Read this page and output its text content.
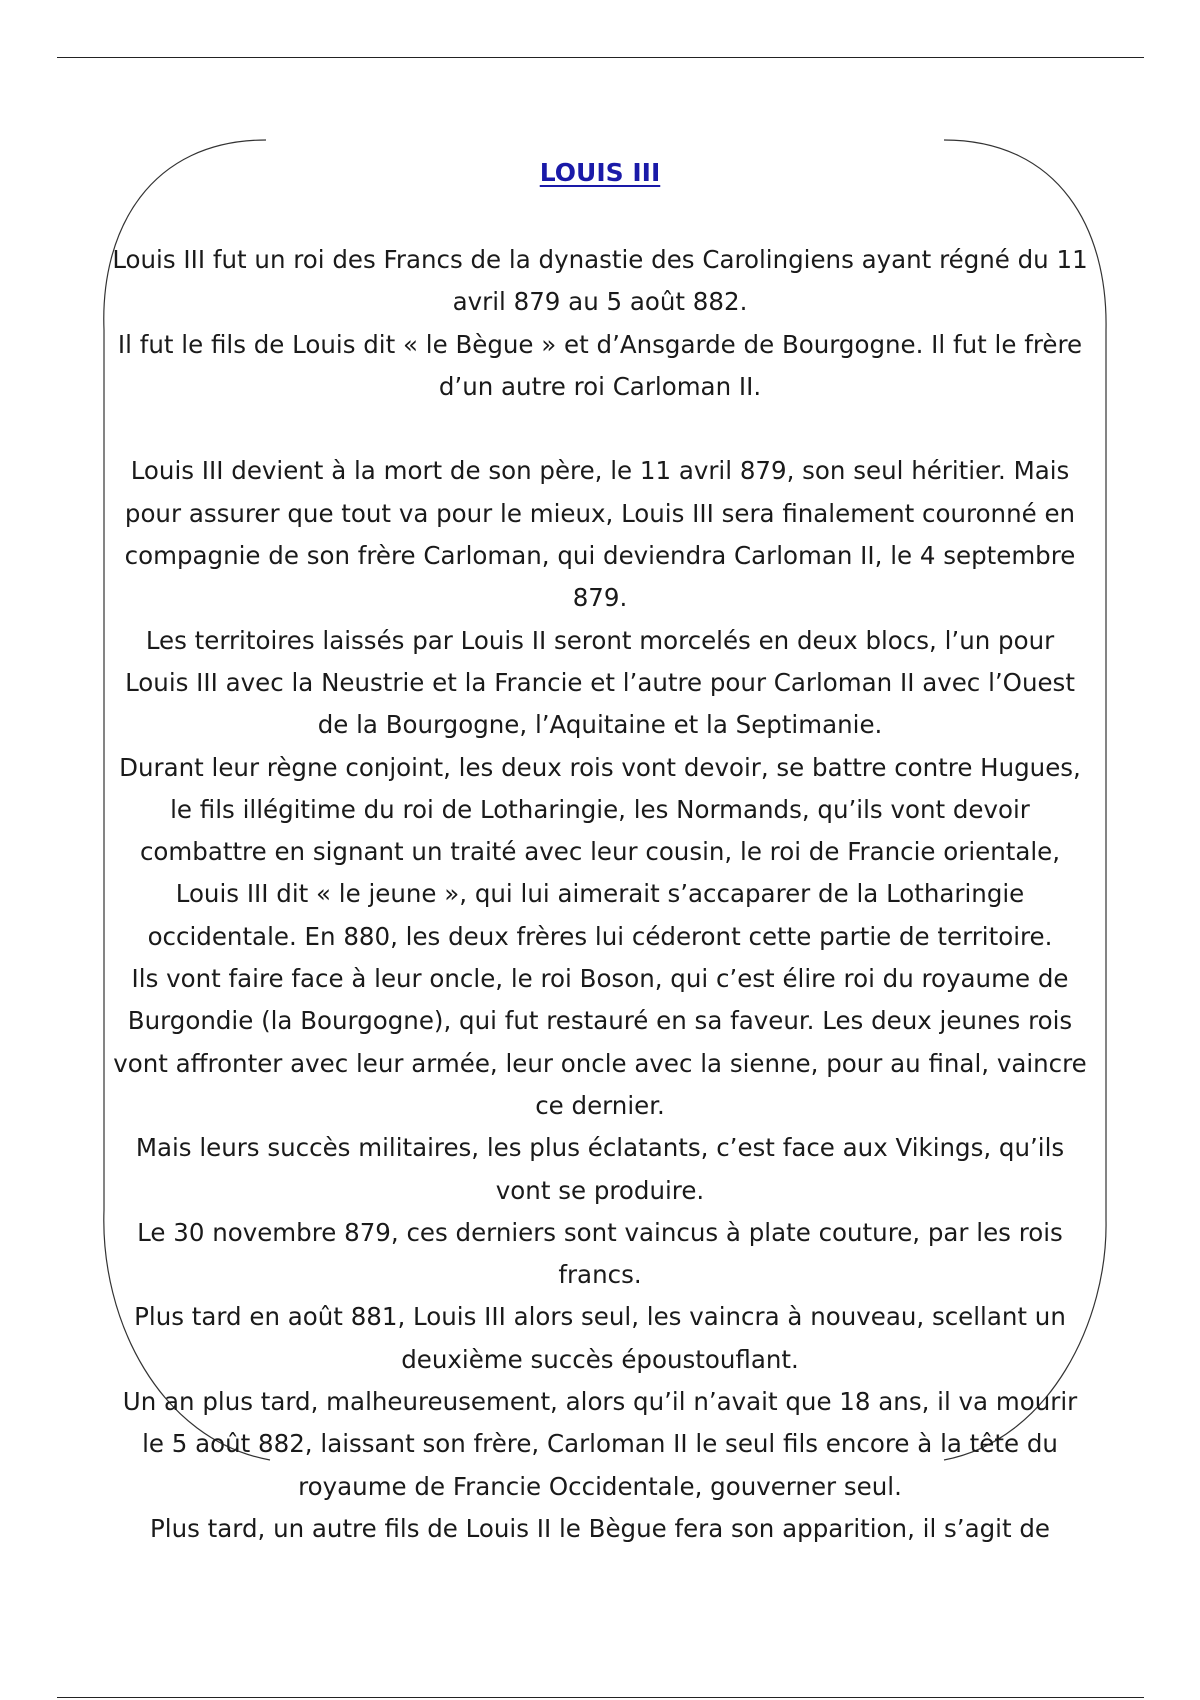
LOUIS III

Louis III fut un roi des Francs de la dynastie des Carolingiens ayant régné du 11 avril 879 au 5 août 882.

Il fut le fils de Louis dit « le Bègue » et d’Ansgarde de Bourgogne. Il fut le frère d’un autre roi Carloman II.

Louis III devient à la mort de son père, le 11 avril 879, son seul héritier. Mais pour assurer que tout va pour le mieux, Louis III sera finalement couronné en compagnie de son frère Carloman, qui deviendra Carloman II, le 4 septembre 879.

Les territoires laissés par Louis II seront morcelés en deux blocs, l’un pour Louis III avec la Neustrie et la Francie et l’autre pour Carloman II avec l’Ouest de la Bourgogne, l’Aquitaine et la Septimanie.

Durant leur règne conjoint, les deux rois vont devoir, se battre contre Hugues, le fils illégitime du roi de Lotharingie, les Normands, qu’ils vont devoir combattre en signant un traité avec leur cousin, le roi de Francie orientale, Louis III dit « le jeune », qui lui aimerait s’accaparer de la Lotharingie occidentale. En 880, les deux frères lui céderont cette partie de territoire.

Ils vont faire face à leur oncle, le roi Boson, qui c’est élire roi du royaume de Burgondie (la Bourgogne), qui fut restauré en sa faveur. Les deux jeunes rois vont affronter avec leur armée, leur oncle avec la sienne, pour au final, vaincre ce dernier.

Mais leurs succès militaires, les plus éclatants, c’est face aux Vikings, qu’ils vont se produire.

Le 30 novembre 879, ces derniers sont vaincus à plate couture, par les rois francs.

Plus tard en août 881, Louis III alors seul, les vaincra à nouveau, scellant un deuxième succès époustouflant.

Un an plus tard, malheureusement, alors qu’il n’avait que 18 ans, il va mourir le 5 août 882, laissant son frère, Carloman II le seul fils encore à la tête du royaume de Francie Occidentale, gouverner seul.

Plus tard, un autre fils de Louis II le Bègue fera son apparition, il s’agit de
